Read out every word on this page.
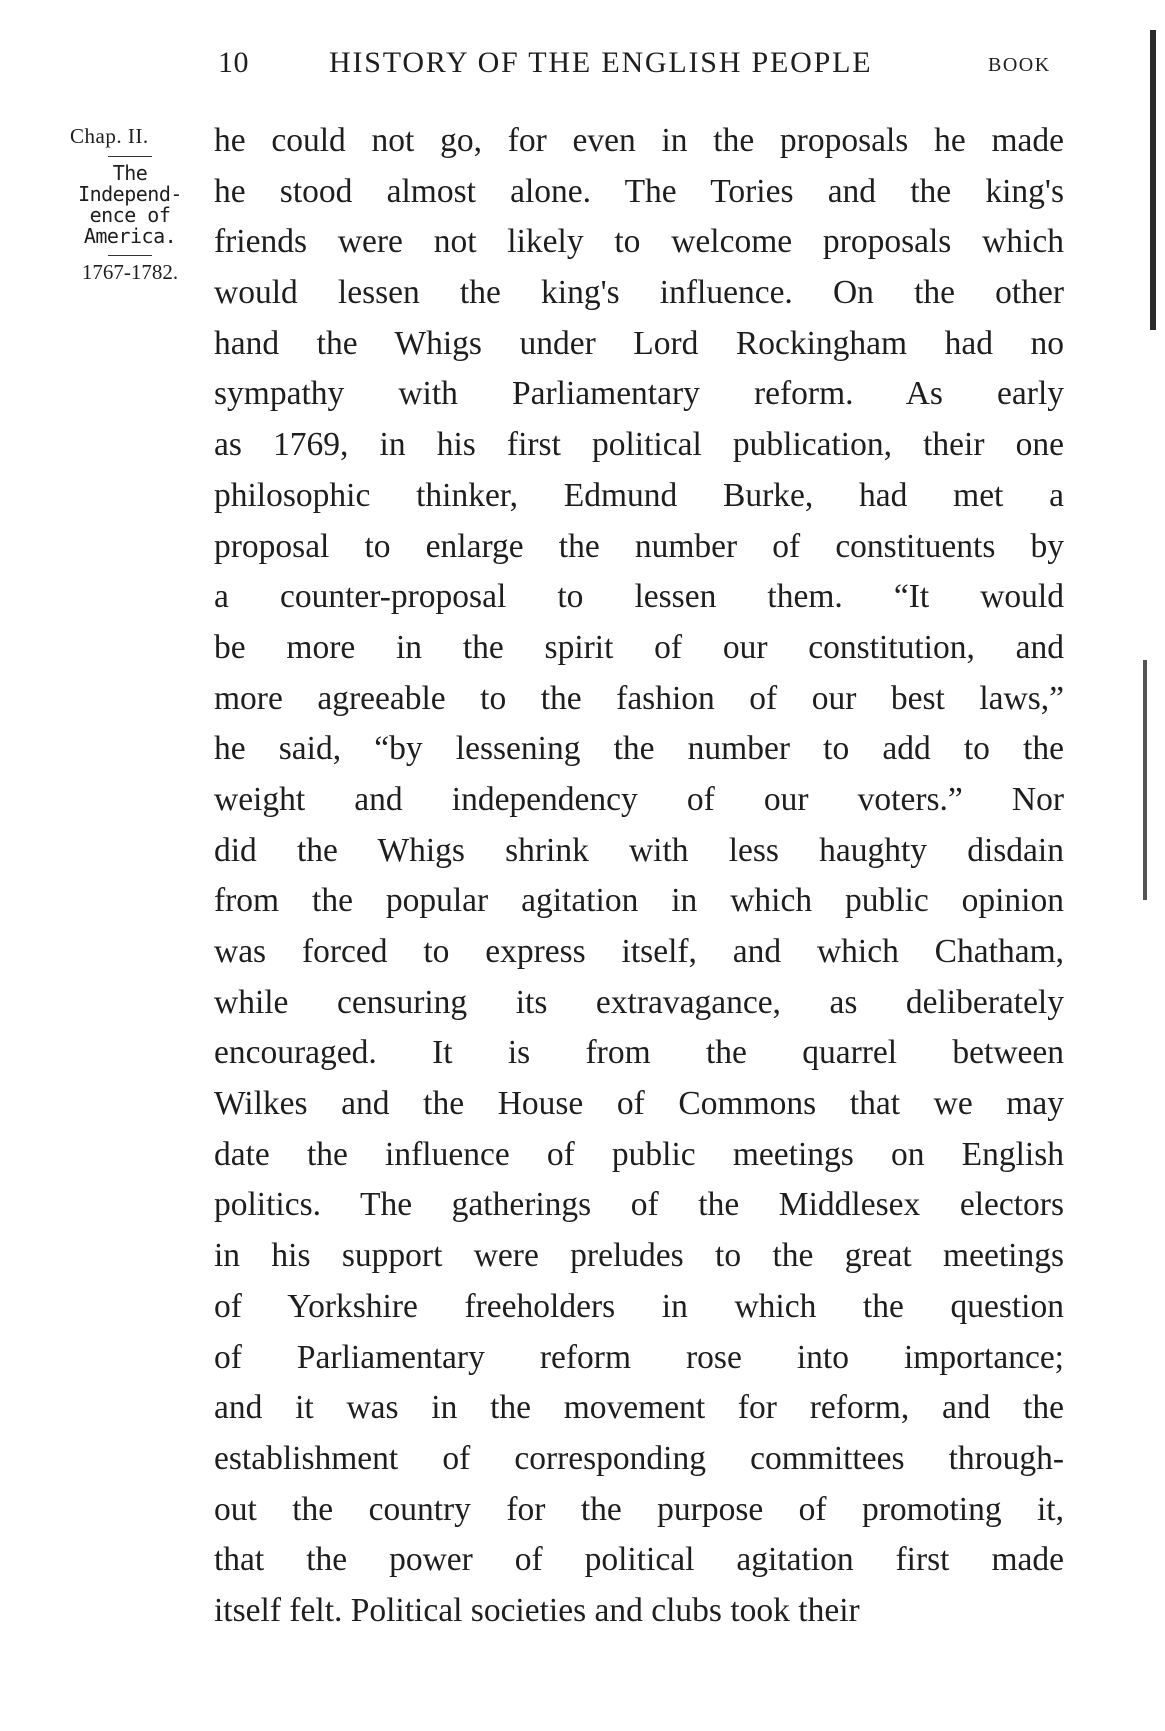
10	HISTORY OF THE ENGLISH PEOPLE	BOOK
Chap. II.
The
Independ-
ence of
America.
1767-1782.
he could not go, for even in the proposals he made
he stood almost alone. The Tories and the king's
friends were not likely to welcome proposals which
would lessen the king's influence. On the other
hand the Whigs under Lord Rockingham had no
sympathy with Parliamentary reform. As early
as 1769, in his first political publication, their one
philosophic thinker, Edmund Burke, had met a
proposal to enlarge the number of constituents by
a counter-proposal to lessen them. “It would
be more in the spirit of our constitution, and
more agreeable to the fashion of our best laws,”
he said, “by lessening the number to add to the
weight and independency of our voters.” Nor
did the Whigs shrink with less haughty disdain
from the popular agitation in which public opinion
was forced to express itself, and which Chatham,
while censuring its extravagance, as deliberately
encouraged. It is from the quarrel between
Wilkes and the House of Commons that we may
date the influence of public meetings on English
politics. The gatherings of the Middlesex electors
in his support were preludes to the great meetings
of Yorkshire freeholders in which the question
of Parliamentary reform rose into importance;
and it was in the movement for reform, and the
establishment of corresponding committees through-
out the country for the purpose of promoting it,
that the power of political agitation first made
itself felt. Political societies and clubs took their
